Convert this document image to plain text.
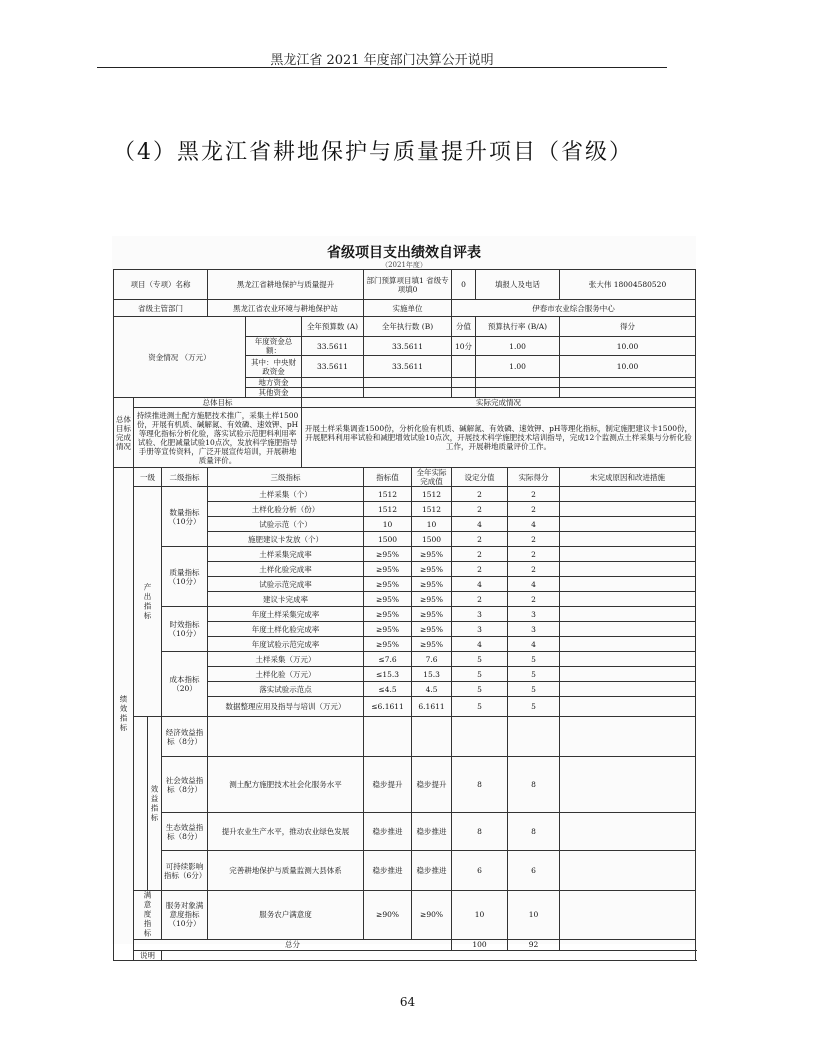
黑龙江省 2021 年度部门决算公开说明
（4）黑龙江省耕地保护与质量提升项目（省级）
省级项目支出绩效自评表
（2021年度）
项目（专项）名称				黑龙江省耕地保护与质量提升			部门预算项目填1 省级专项填0		0	填报人及电话		张大伟 18004580520
省级主管部门				黑龙江省农业环境与耕地保护站			实施单位		伊春市农业综合服务中心			
资金情况 （万元）						全年预算数 (A)	全年执行数 (B)		分值	预算执行率 (B/A)		得分
					年度资金总额：	33.5611	33.5611		10分	1.00		10.00
					其中：中央财政资金	33.5611	33.5611			1.00		10.00
					地方资金							
					其他资金							
总体目标完成情况	总体目标					实际完成情况						
	持续推进测土配方施肥技术推广，采集土样1500份，开展有机质、碱解氮、有效磷、速效钾、pH等理化指标分析化验，落实试验示范肥料利用率试验、化肥减量试验10点次，发放科学施肥指导手册等宣传资料，广泛开展宣传培训，开展耕地质量评价。					开展土样采集调查1500份，分析化验有机质、碱解氮、有效磷、速效钾、pH等理化指标，制定施肥建议卡1500份，开展肥料利用率试验和减肥增效试验10点次，开展技术科学施肥技术培训指导，完成12个监测点土样采集与分析化验工作，开展耕地质量评价工作。						
绩效指标	一级		二级指标	三级指标			指标值	全年实际完成值	设定分值		实际得分	未完成原因和改进措施
	产出指标		数量指标（10分）	土样采集（个）			1512	1512	2		2	
				土样化验分析（份）			1512	1512	2		2	
				试验示范（个）			10	10	4		4	
				施肥建议卡发放（个）			1500	1500	2		2	
			质量指标（10分）	土样采集完成率			≥95%	≥95%	2		2	
				土样化验完成率			≥95%	≥95%	2		2	
				试验示范完成率			≥95%	≥95%	4		4	
				建议卡完成率			≥95%	≥95%	2		2	
			时效指标（10分）	年度土样采集完成率			≥95%	≥95%	3		3	
				年度土样化验完成率			≥95%	≥95%	3		3	
				年度试验示范完成率			≥95%	≥95%	4		4	
			成本指标（20）	土样采集（万元）			≤7.6	7.6	5		5	
				土样化验（万元）			≤15.3	15.3	5		5	
				落实试验示范点			≤4.5	4.5	5		5	
				数据整理应用及指导与培训（万元）			≤6.1611	6.1611	5		5	
		效益指标	经济效益指标（8分）									
			社会效益指标（8分）	测土配方施肥技术社会化服务水平			稳步提升	稳步提升	8		8	
			生态效益指标（8分）	提升农业生产水平，推动农业绿色发展			稳步推进	稳步推进	8		8	
			可持续影响指标（6分）	完善耕地保护与质量监测大县体系			稳步推进	稳步推进	6		6	
	满意度指标		服务对象满意度指标（10分）	服务农户满意度			≥90%	≥90%	10		10	
	总分								100		92	
	说明											
64
